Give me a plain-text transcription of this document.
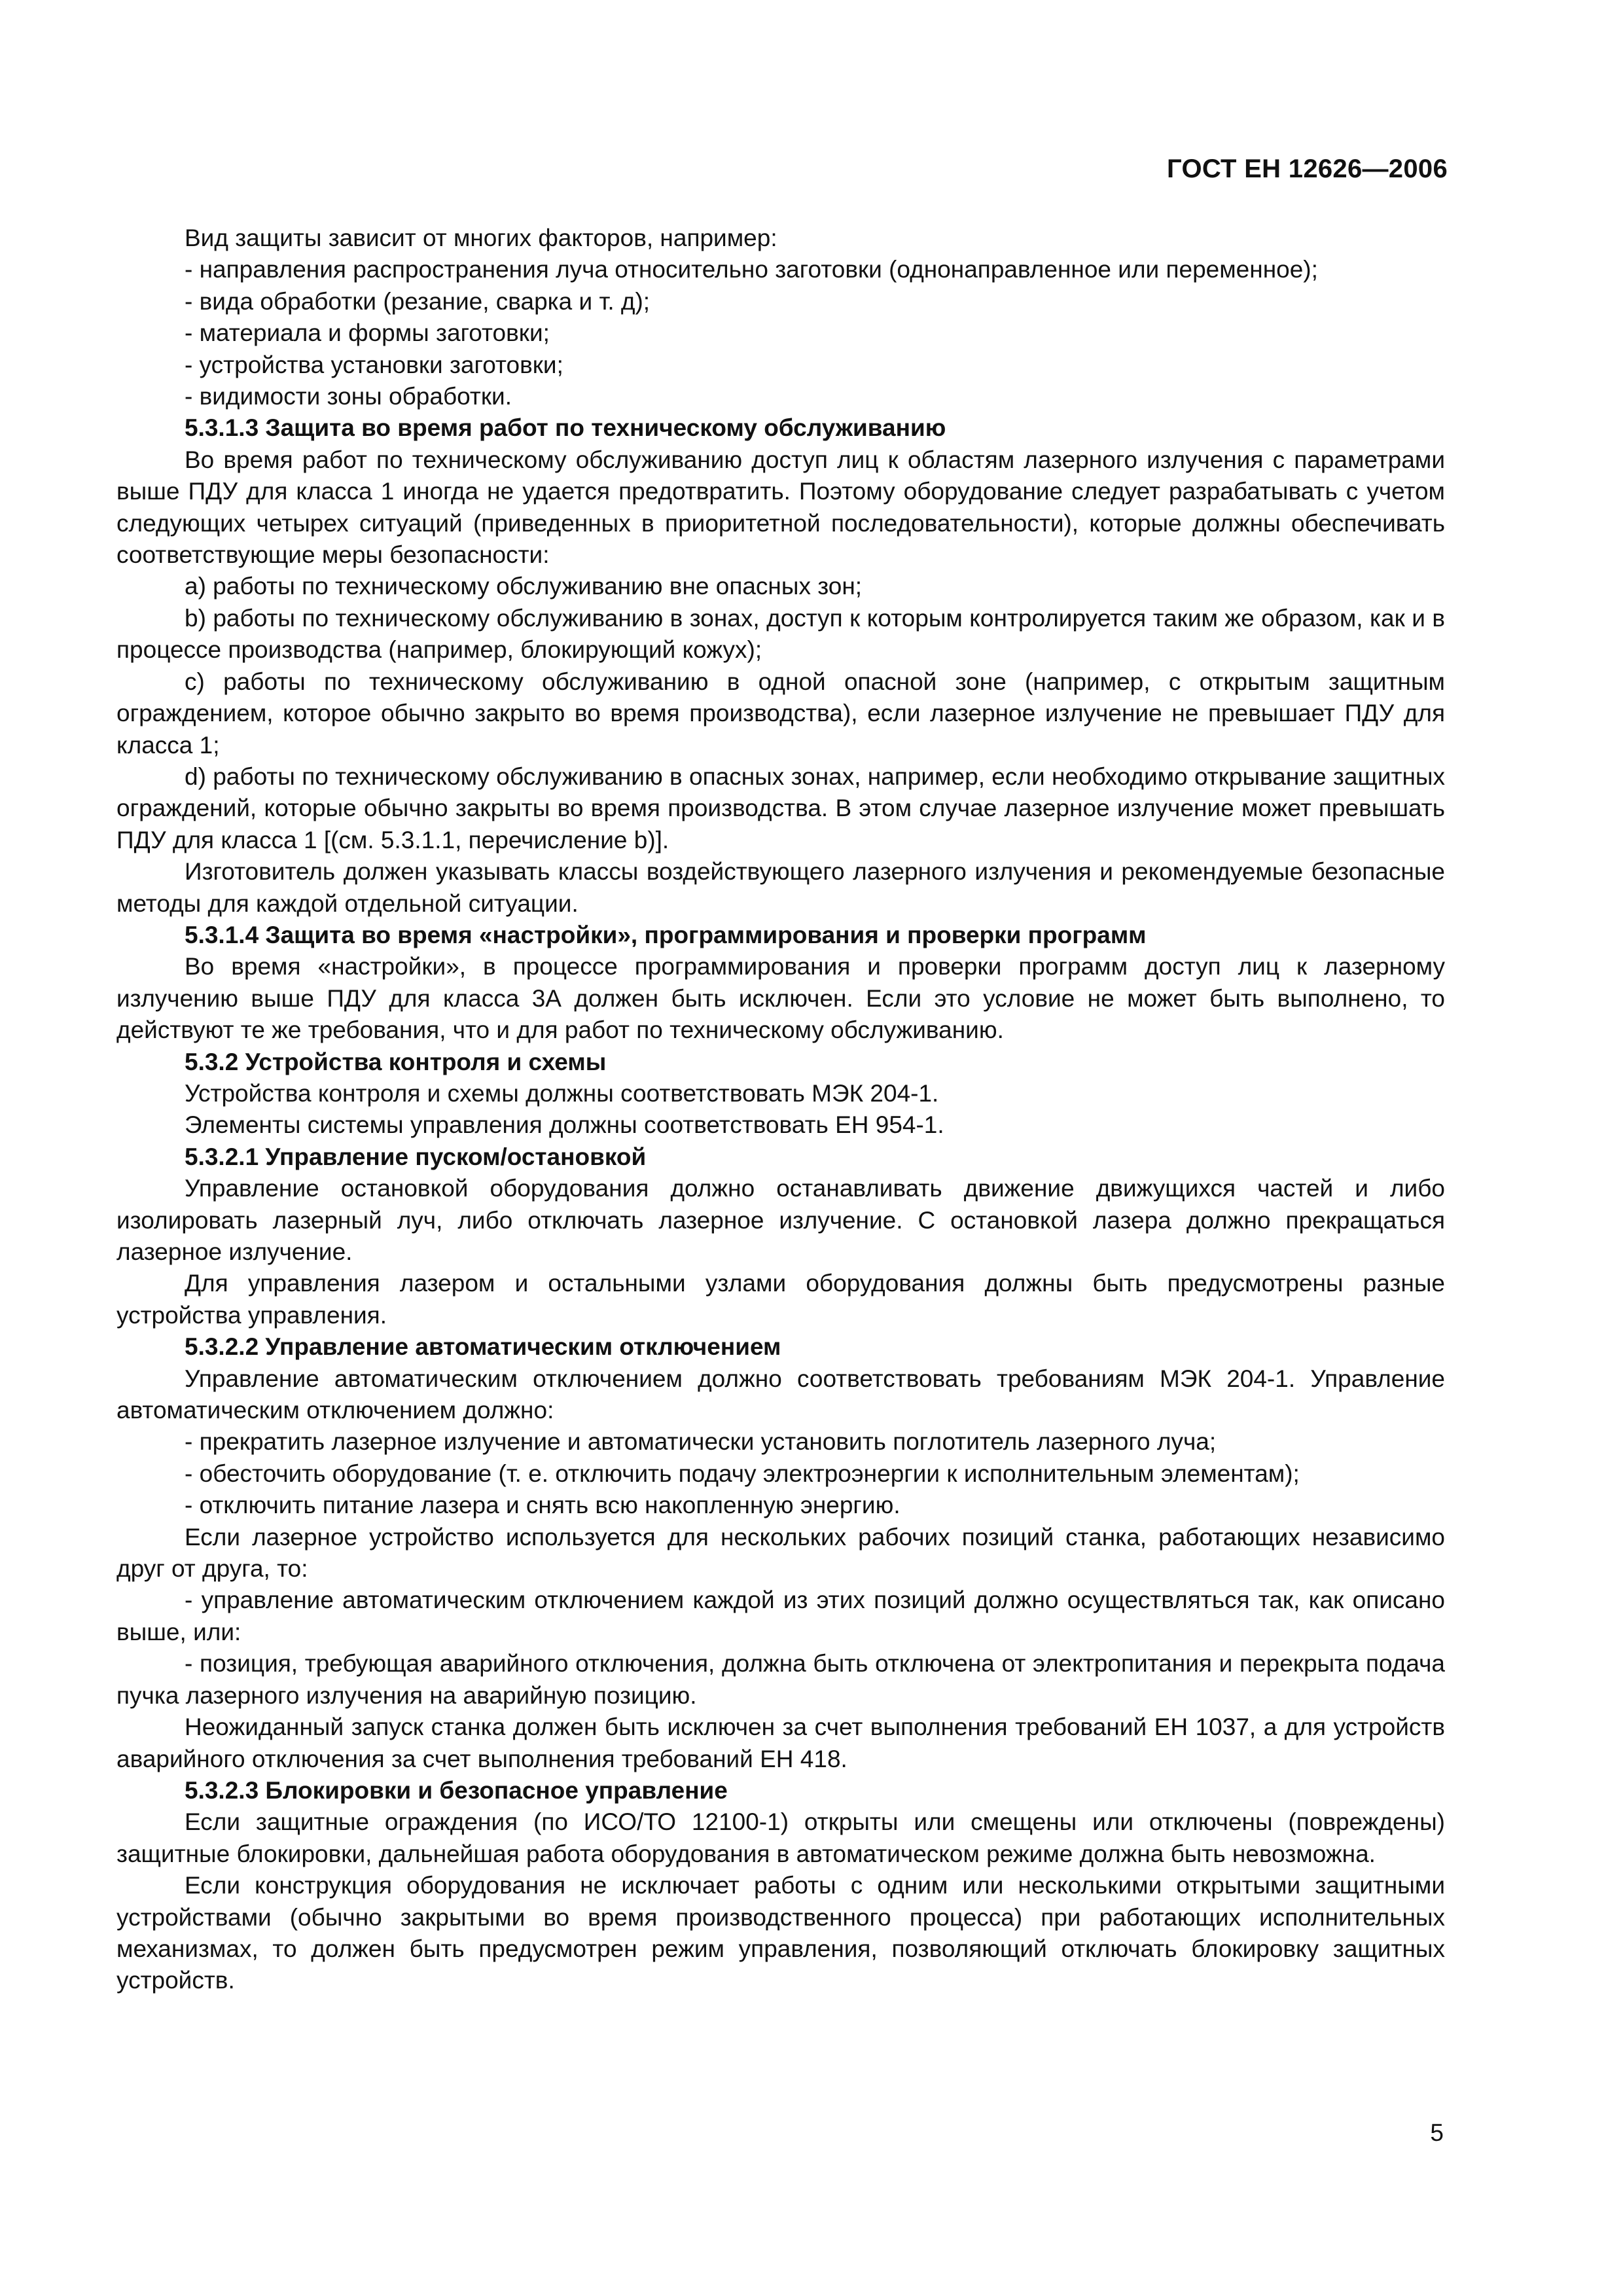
ГОСТ ЕН 12626—2006

Вид защиты зависит от многих факторов, например:

- направления распространения луча относительно заготовки (однонаправленное или переменное);

- вида обработки (резание, сварка и т. д);

- материала и формы заготовки;

- устройства установки заготовки;

- видимости зоны обработки.

5.3.1.3 Защита во время работ по техническому обслуживанию

Во время работ по техническому обслуживанию доступ лиц к областям лазерного излучения с параметрами выше ПДУ для класса 1 иногда не удается предотвратить. Поэтому оборудование следует разрабатывать с учетом следующих четырех ситуаций (приведенных в приоритетной последовательности), которые должны обеспечивать соответствующие меры безопасности:

а) работы по техническому обслуживанию вне опасных зон;

b) работы по техническому обслуживанию в зонах, доступ к которым контролируется таким же образом, как и в процессе производства (например, блокирующий кожух);

с) работы по техническому обслуживанию в одной опасной зоне (например, с открытым защитным ограждением, которое обычно закрыто во время производства), если лазерное излучение не превышает ПДУ для класса 1;

d) работы по техническому обслуживанию в опасных зонах, например, если необходимо открывание защитных ограждений, которые обычно закрыты во время производства. В этом случае лазерное излучение может превышать ПДУ для класса 1 [(см. 5.3.1.1, перечисление b)].

Изготовитель должен указывать классы воздействующего лазерного излучения и рекомендуемые безопасные методы для каждой отдельной ситуации.

5.3.1.4 Защита во время «настройки», программирования и проверки программ

Во время «настройки», в процессе программирования и проверки программ доступ лиц к лазерному излучению выше ПДУ для класса 3А должен быть исключен. Если это условие не может быть выполнено, то действуют те же требования, что и для работ по техническому обслуживанию.

5.3.2 Устройства контроля и схемы

Устройства контроля и схемы должны соответствовать МЭК 204-1.

Элементы системы управления должны соответствовать ЕН 954-1.

5.3.2.1 Управление пуском/остановкой

Управление остановкой оборудования должно останавливать движение движущихся частей и либо изолировать лазерный луч, либо отключать лазерное излучение. С остановкой лазера должно прекращаться лазерное излучение.

Для управления лазером и остальными узлами оборудования должны быть предусмотрены разные устройства управления.

5.3.2.2 Управление автоматическим отключением

Управление автоматическим отключением должно соответствовать требованиям МЭК 204-1. Управление автоматическим отключением должно:

- прекратить лазерное излучение и автоматически установить поглотитель лазерного луча;

- обесточить оборудование (т. е. отключить подачу электроэнергии к исполнительным элементам);

- отключить питание лазера и снять всю накопленную энергию.

Если лазерное устройство используется для нескольких рабочих позиций станка, работающих независимо друг от друга, то:

- управление автоматическим отключением каждой из этих позиций должно осуществляться так, как описано выше, или:

- позиция, требующая аварийного отключения, должна быть отключена от электропитания и перекрыта подача пучка лазерного излучения на аварийную позицию.

Неожиданный запуск станка должен быть исключен за счет выполнения требований ЕН 1037, а для устройств аварийного отключения за счет выполнения требований ЕН 418.

5.3.2.3 Блокировки и безопасное управление

Если защитные ограждения (по ИСО/ТО 12100-1) открыты или смещены или отключены (повреждены) защитные блокировки, дальнейшая работа оборудования в автоматическом режиме должна быть невозможна.

Если конструкция оборудования не исключает работы с одним или несколькими открытыми защитными устройствами (обычно закрытыми во время производственного процесса) при работающих исполнительных механизмах, то должен быть предусмотрен режим управления, позволяющий отключать блокировку защитных устройств.

5
